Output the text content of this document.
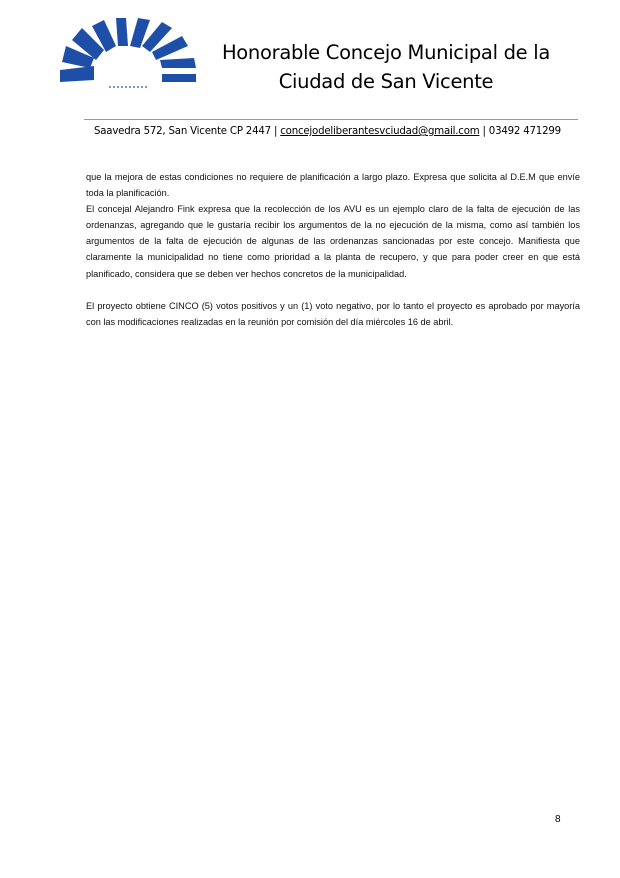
Honorable Concejo Municipal de la
Ciudad de San Vicente
Saavedra 572, San Vicente CP 2447 | concejodeliberantesvciudad@gmail.com | 03492 471299

que la mejora de estas condiciones no requiere de planificación a largo plazo. Expresa que solicita al D.E.M que envíe toda la planificación.

El concejal Alejandro Fink expresa que la recolección de los AVU es un ejemplo claro de la falta de ejecución de las ordenanzas, agregando que le gustaría recibir los argumentos de la no ejecución de la misma, como así también los argumentos de la falta de ejecución de algunas de las ordenanzas sancionadas por este concejo. Manifiesta que claramente la municipalidad no tiene como prioridad a la planta de recupero, y que para poder creer en que está planificado, considera que se deben ver hechos concretos de la municipalidad.

El proyecto obtiene CINCO (5) votos positivos y un (1) voto negativo, por lo tanto el proyecto es aprobado por mayoría con las modificaciones realizadas en la reunión por comisión del día miércoles 16 de abril.

8
